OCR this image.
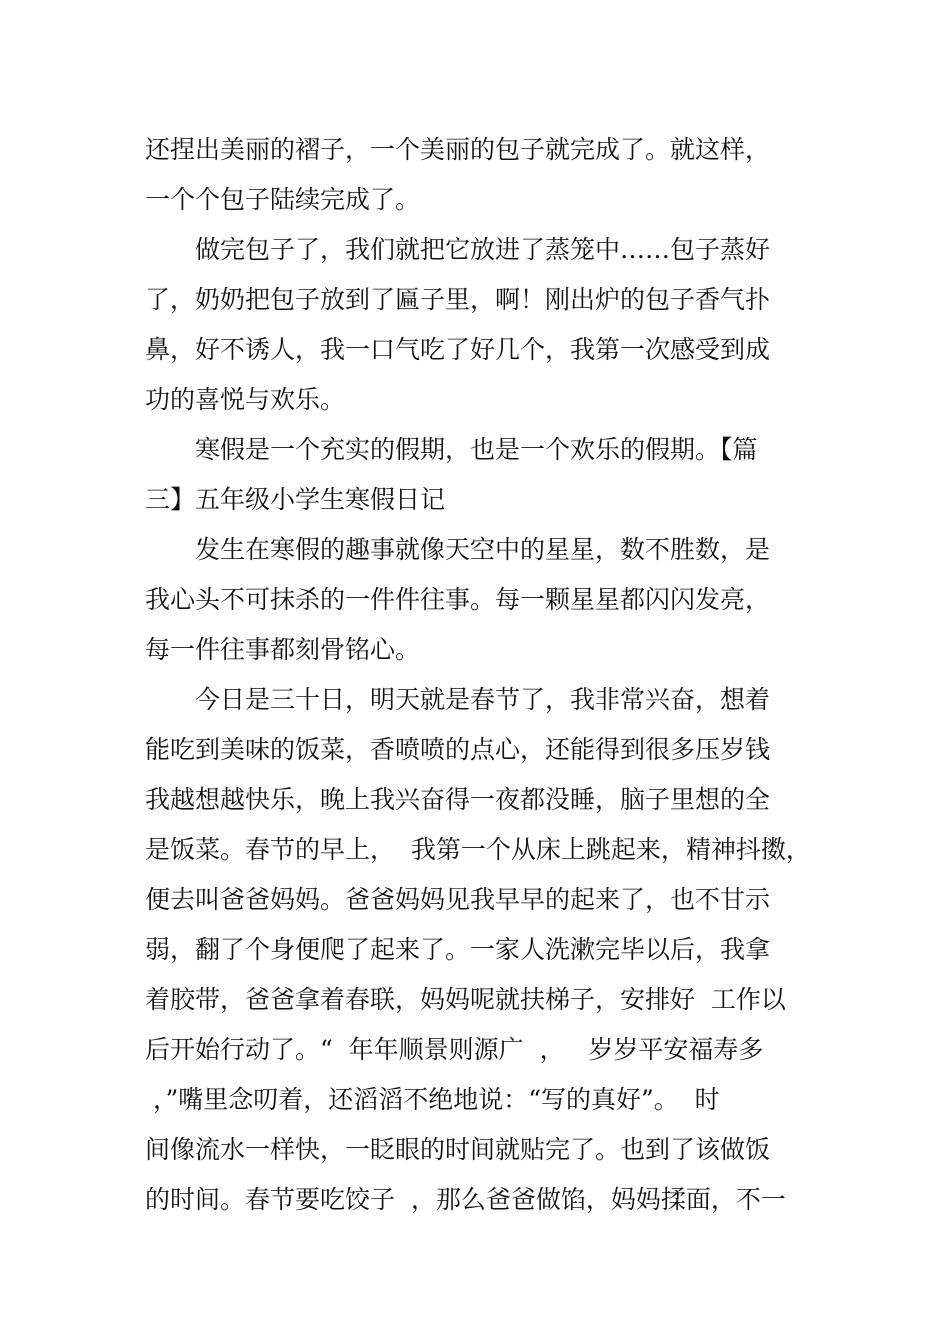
还捏出美丽的褶子，一个美丽的包子就完成了。就这样，

一个个包子陆续完成了。

　　做完包子了，我们就把它放进了蒸笼中……包子蒸好

了，奶奶把包子放到了匾子里，啊！刚出炉的包子香气扑

鼻，好不诱人，我一口气吃了好几个，我第一次感受到成

功的喜悦与欢乐。

　　寒假是一个充实的假期，也是一个欢乐的假期。【篇

三】五年级小学生寒假日记

　　发生在寒假的趣事就像天空中的星星，数不胜数，是

我心头不可抹杀的一件件往事。每一颗星星都闪闪发亮，

每一件往事都刻骨铭心。

　　今日是三十日，明天就是春节了，我非常兴奋，想着

能吃到美味的饭菜，香喷喷的点心，还能得到很多压岁钱

我越想越快乐，晚上我兴奋得一夜都没睡，脑子里想的全

是饭菜。春节的早上，  我第一个从床上跳起来，精神抖擞，

便去叫爸爸妈妈。爸爸妈妈见我早早的起来了，也不甘示

弱，翻了个身便爬了起来了。一家人洗漱完毕以后，我拿

着胶带，爸爸拿着春联，妈妈呢就扶梯子，安排好  工作以

后开始行动了。“  年年顺景则源广  ，   岁岁平安福寿多

，”嘴里念叨着，还滔滔不绝地说：“写的真好”。  时

间像流水一样快，一眨眼的时间就贴完了。也到了该做饭

的时间。春节要吃饺子  ，那么爸爸做馅，妈妈揉面，不一
